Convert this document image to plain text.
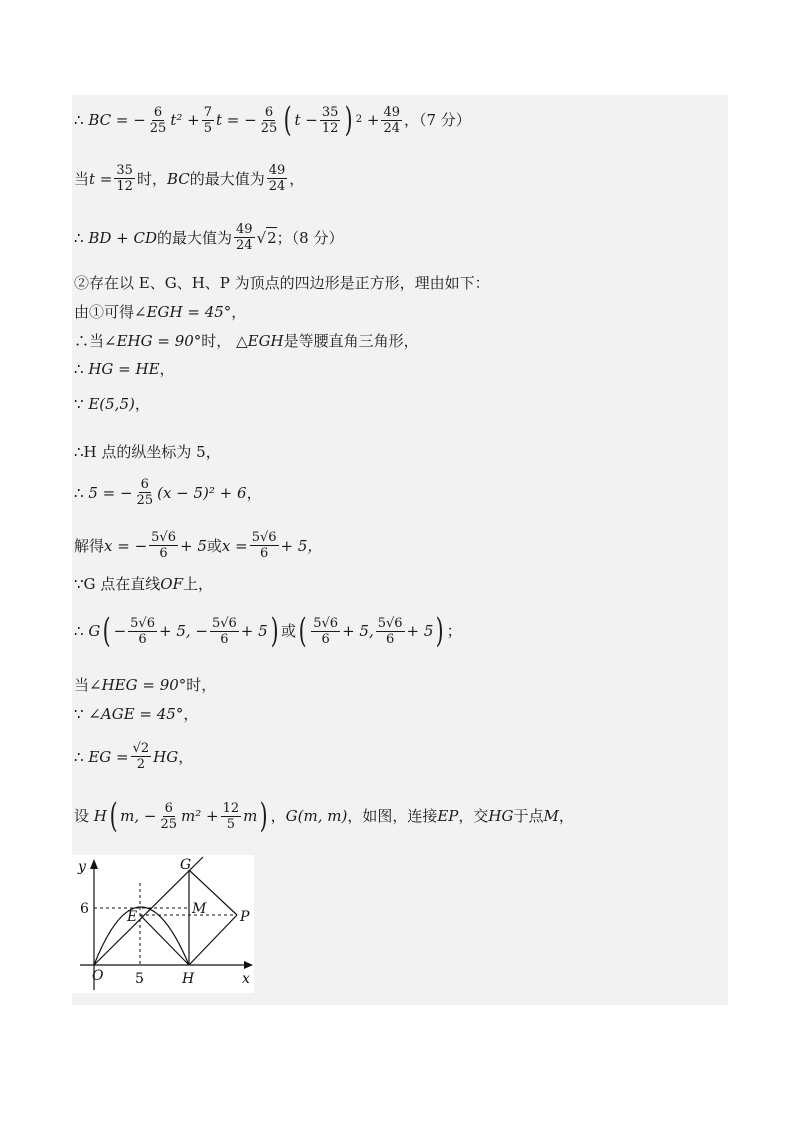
∴
BC = − $\frac{6}{25} t^2 + \frac{7}{5}$ t = − $\frac{6}{25}$ ( $t - \frac{35}{12}$ ) 2
+ $\frac{49}{24}$ ，（7 分）
当 $t = \frac{35}{12}$ 时， BC 的最大值为 $\frac{49}{24}$ ，
∴
BD + CD 的最大值为 $\frac{49}{24}$ √ 2 ；（8 分）
②存在以 E、G、H、P 为顶点的四边形是正方形，理由如下：
由①可得 ∠EGH = 45° ，
∴当 ∠EHG = 90° 时，
△EGH 是等腰直角三角形，
∴
HG = HE ，
∵
E(5,5) ，
∴H 点的纵坐标为 5，
∴
5 = − $\frac{6}{25} (x - 5)^2 + 6$ ，
解得 x = − $\frac{5√6}{6} + 5$ 或 $x = \frac{5√6}{6} + 5$，
∵G 点在直线 OF 上，
∴
G ( − $\frac{5√6}{6} + 5$, − $\frac{5√6}{6} + 5$ ) 或 ( $\frac{5√6}{6} + 5$, $\frac{5√6}{6} + 5$ ) ；
当 ∠HEG = 90° 时，
∵
∠AGE = 45° ，
∴
EG = $\frac{√2}{2}$ HG ，
设
H ( m, − $\frac{6}{25} m^2 + \frac{12}{5}$ m ) ， G(m, m) ，如图，连接 EP ，交 HG 于点 M ，
y
x
6
5
O
E
G
M P
H
